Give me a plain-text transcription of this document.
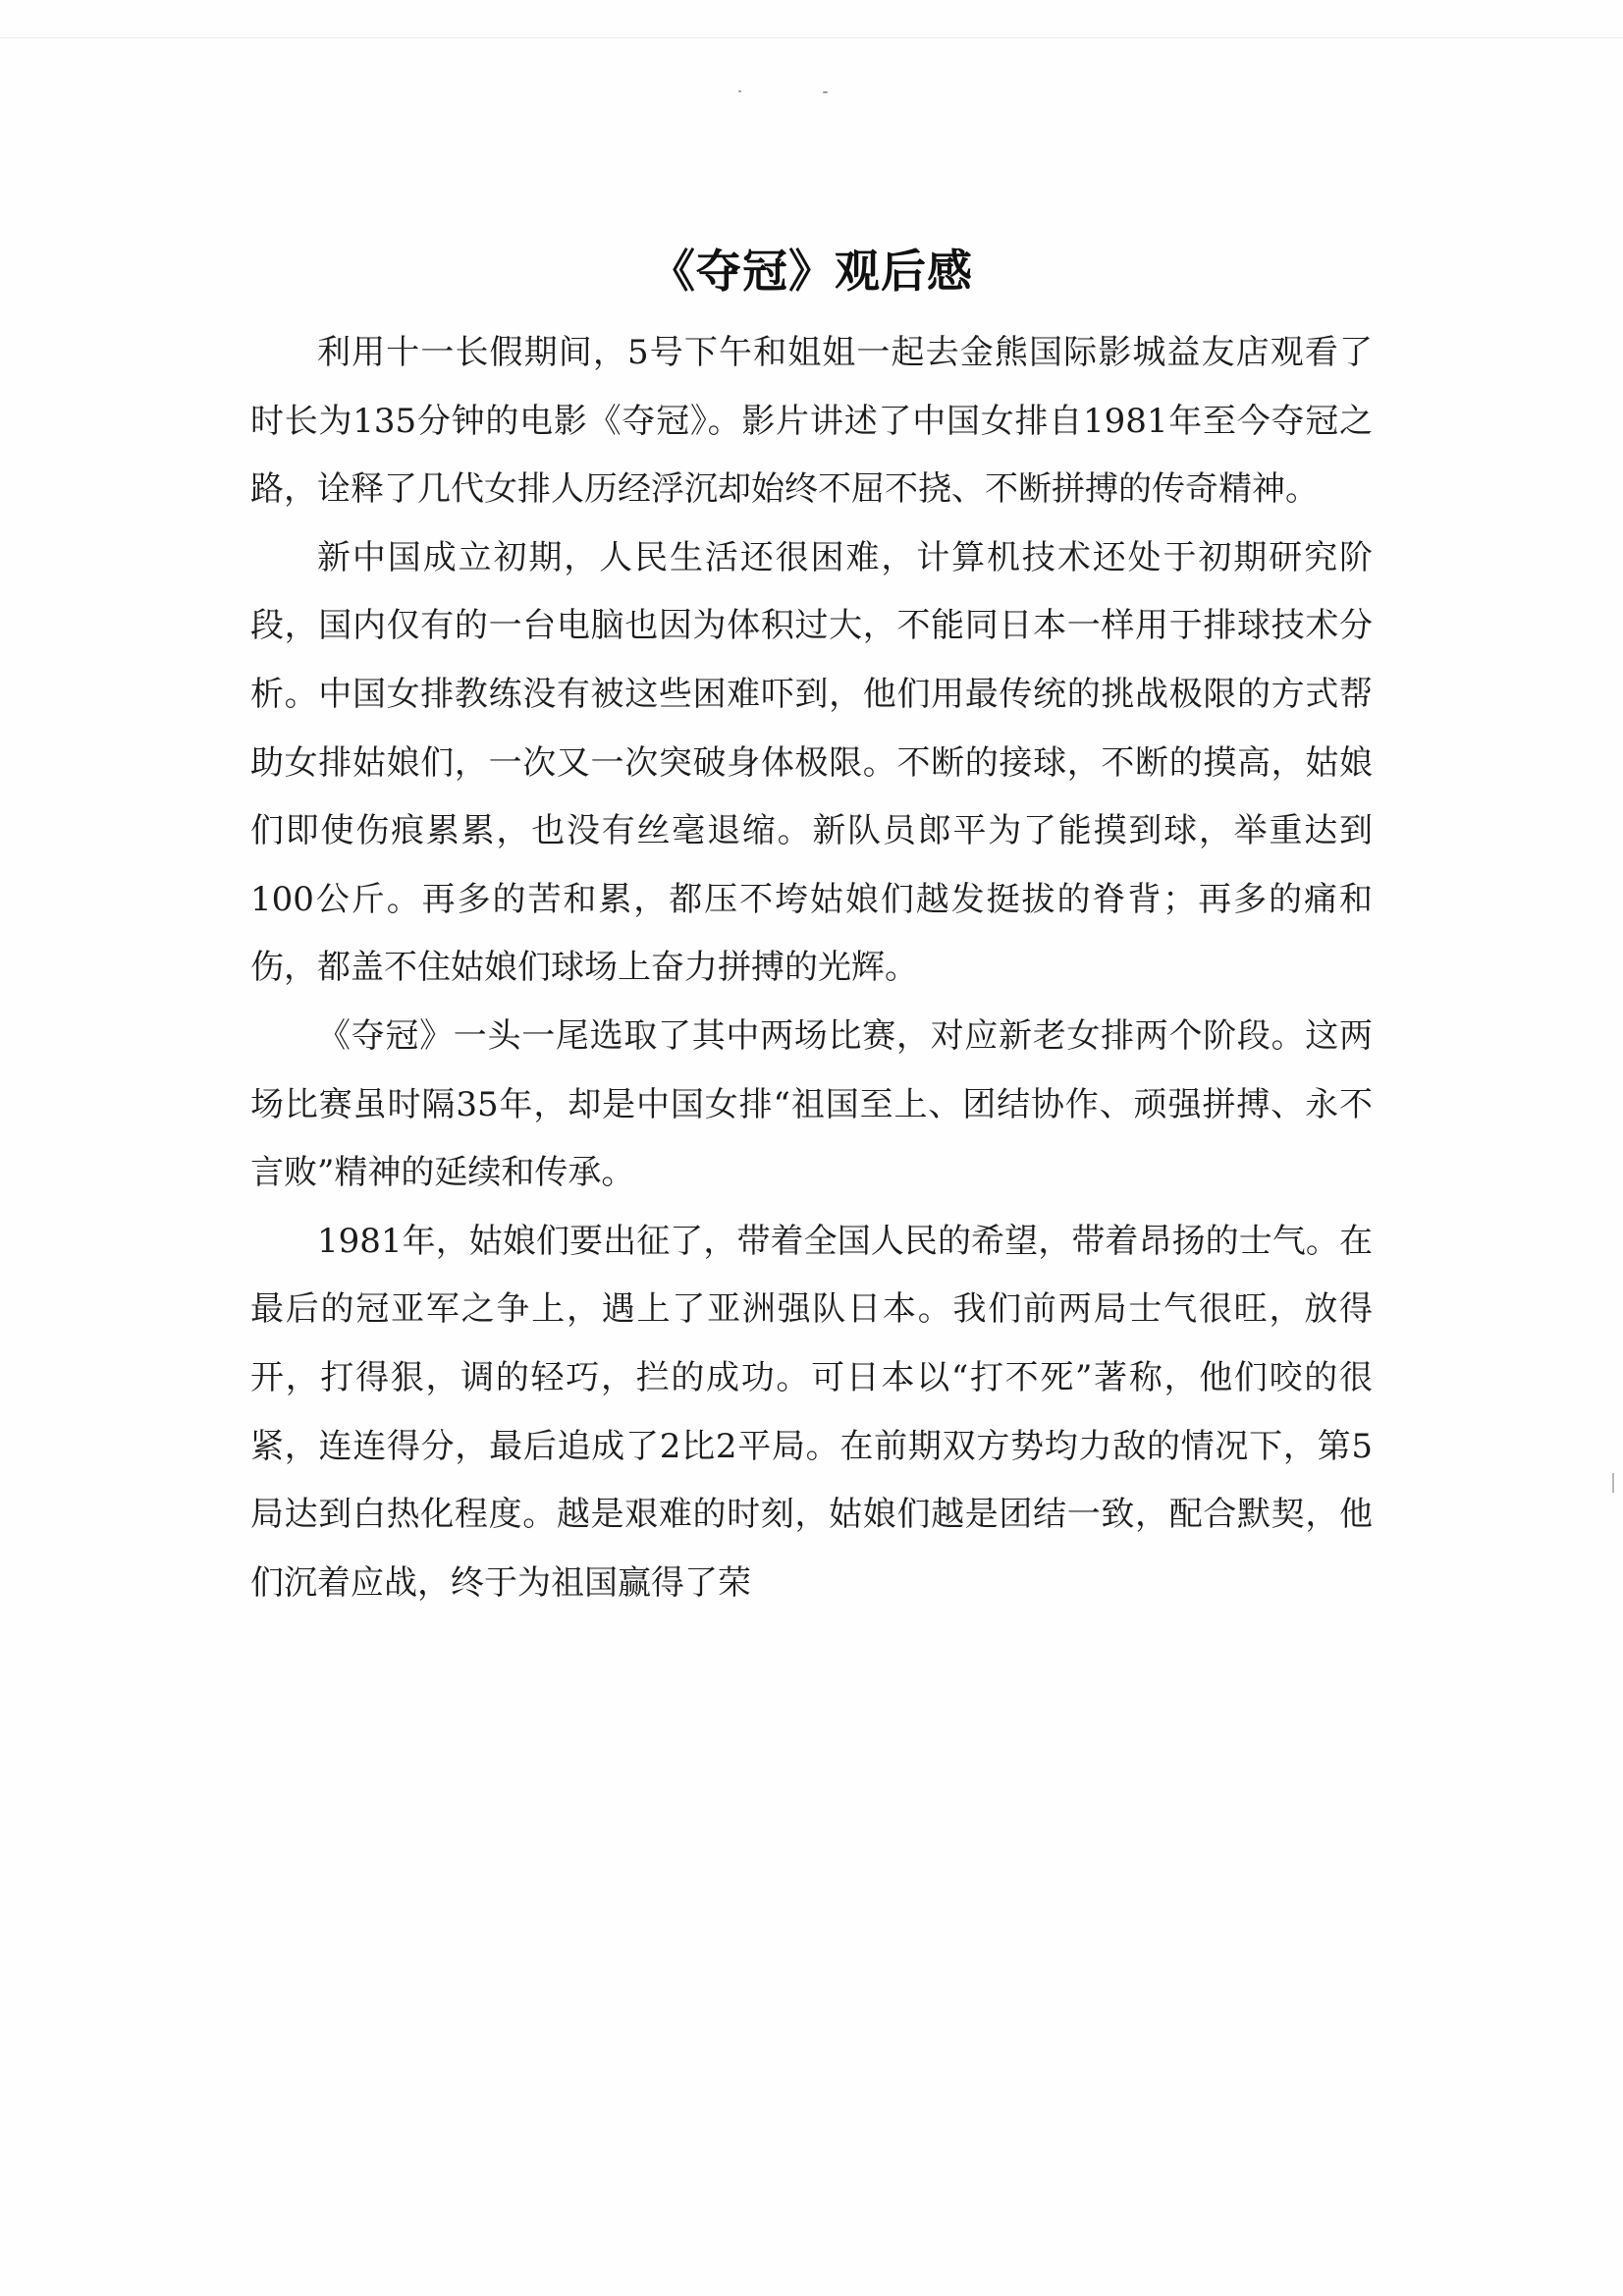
《夺冠》观后感

利用十一长假期间，5号下午和姐姐一起去金熊国际影城益友店观看了时长为135分钟的电影《夺冠》。影片讲述了中国女排自1981年至今夺冠之路，诠释了几代女排人历经浮沉却始终不屈不挠、不断拼搏的传奇精神。

新中国成立初期，人民生活还很困难，计算机技术还处于初期研究阶段，国内仅有的一台电脑也因为体积过大，不能同日本一样用于排球技术分析。中国女排教练没有被这些困难吓到，他们用最传统的挑战极限的方式帮助女排姑娘们，一次又一次突破身体极限。不断的接球，不断的摸高，姑娘们即使伤痕累累，也没有丝毫退缩。新队员郎平为了能摸到球，举重达到100公斤。再多的苦和累，都压不垮姑娘们越发挺拔的脊背；再多的痛和伤，都盖不住姑娘们球场上奋力拼搏的光辉。

《夺冠》一头一尾选取了其中两场比赛，对应新老女排两个阶段。这两场比赛虽时隔35年，却是中国女排“祖国至上、团结协作、顽强拼搏、永不言败”精神的延续和传承。

1981年，姑娘们要出征了，带着全国人民的希望，带着昂扬的士气。在最后的冠亚军之争上，遇上了亚洲强队日本。我们前两局士气很旺，放得开，打得狠，调的轻巧，拦的成功。可日本以“打不死”著称，他们咬的很紧，连连得分，最后追成了2比2平局。在前期双方势均力敌的情况下，第5局达到白热化程度。越是艰难的时刻，姑娘们越是团结一致，配合默契，他们沉着应战，终于为祖国赢得了荣
